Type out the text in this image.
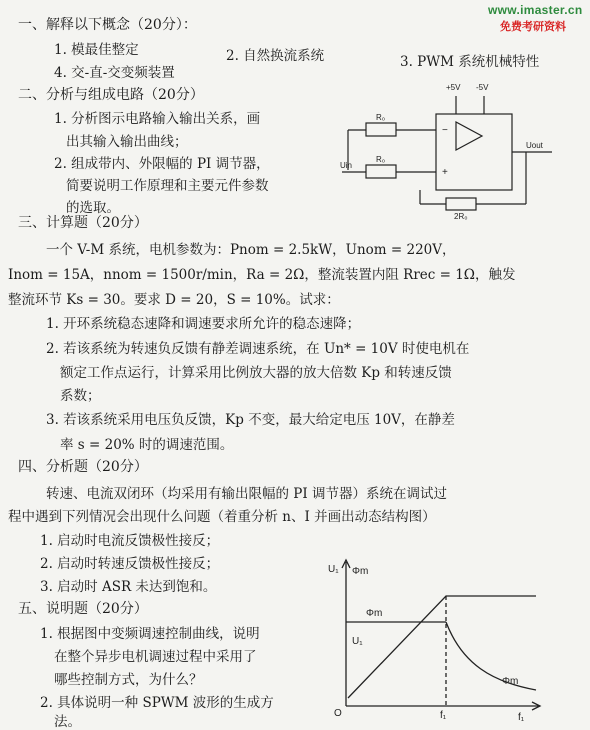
www.imaster.cn
免费考研资料
一、解释以下概念（20分）：
1. 模最佳整定	2. 自然换流系统	3. PWM 系统机械特性
4. 交-直-交变频装置
二、分析与组成电路（20分）
1. 分析图示电路输入输出关系，画
出其输入输出曲线；
2. 组成带内、外限幅的 PI 调节器，
简要说明工作原理和主要元件参数
的选取。
+5V -5V
R₀
R₀
2R₀
Uin
Uout
−
+
三、计算题（20分）
一个 V-M 系统，电机参数为：Pnom = 2.5kW，Unom = 220V，
Inom = 15A，nnom = 1500r/min，Ra = 2Ω，整流装置内阻 Rrec = 1Ω，触发
整流环节 Ks = 30。要求 D = 20，S = 10%。试求：
1. 开环系统稳态速降和调速要求所允许的稳态速降；
2. 若该系统为转速负反馈有静差调速系统，在 Un* = 10V 时使电机在
额定工作点运行，计算采用比例放大器的放大倍数 Kp 和转速反馈
系数；
3. 若该系统采用电压负反馈，Kp 不变，最大给定电压 10V，在静差
率 s = 20% 时的调速范围。
四、分析题（20分）
转速、电流双闭环（均采用有输出限幅的 PI 调节器）系统在调试过
程中遇到下列情况会出现什么问题（着重分析 n、I 并画出动态结构图）
1. 启动时电流反馈极性接反；
2. 启动时转速反馈极性接反；
3. 启动时 ASR 未达到饱和。
五、说明题（20分）
1. 根据图中变频调速控制曲线，说明
在整个异步电机调速过程中采用了
哪些控制方式，为什么？
2. 具体说明一种 SPWM 波形的生成方
法。
U₁ Φm
Φm
U₁
Φm
O	f₁	f₁
